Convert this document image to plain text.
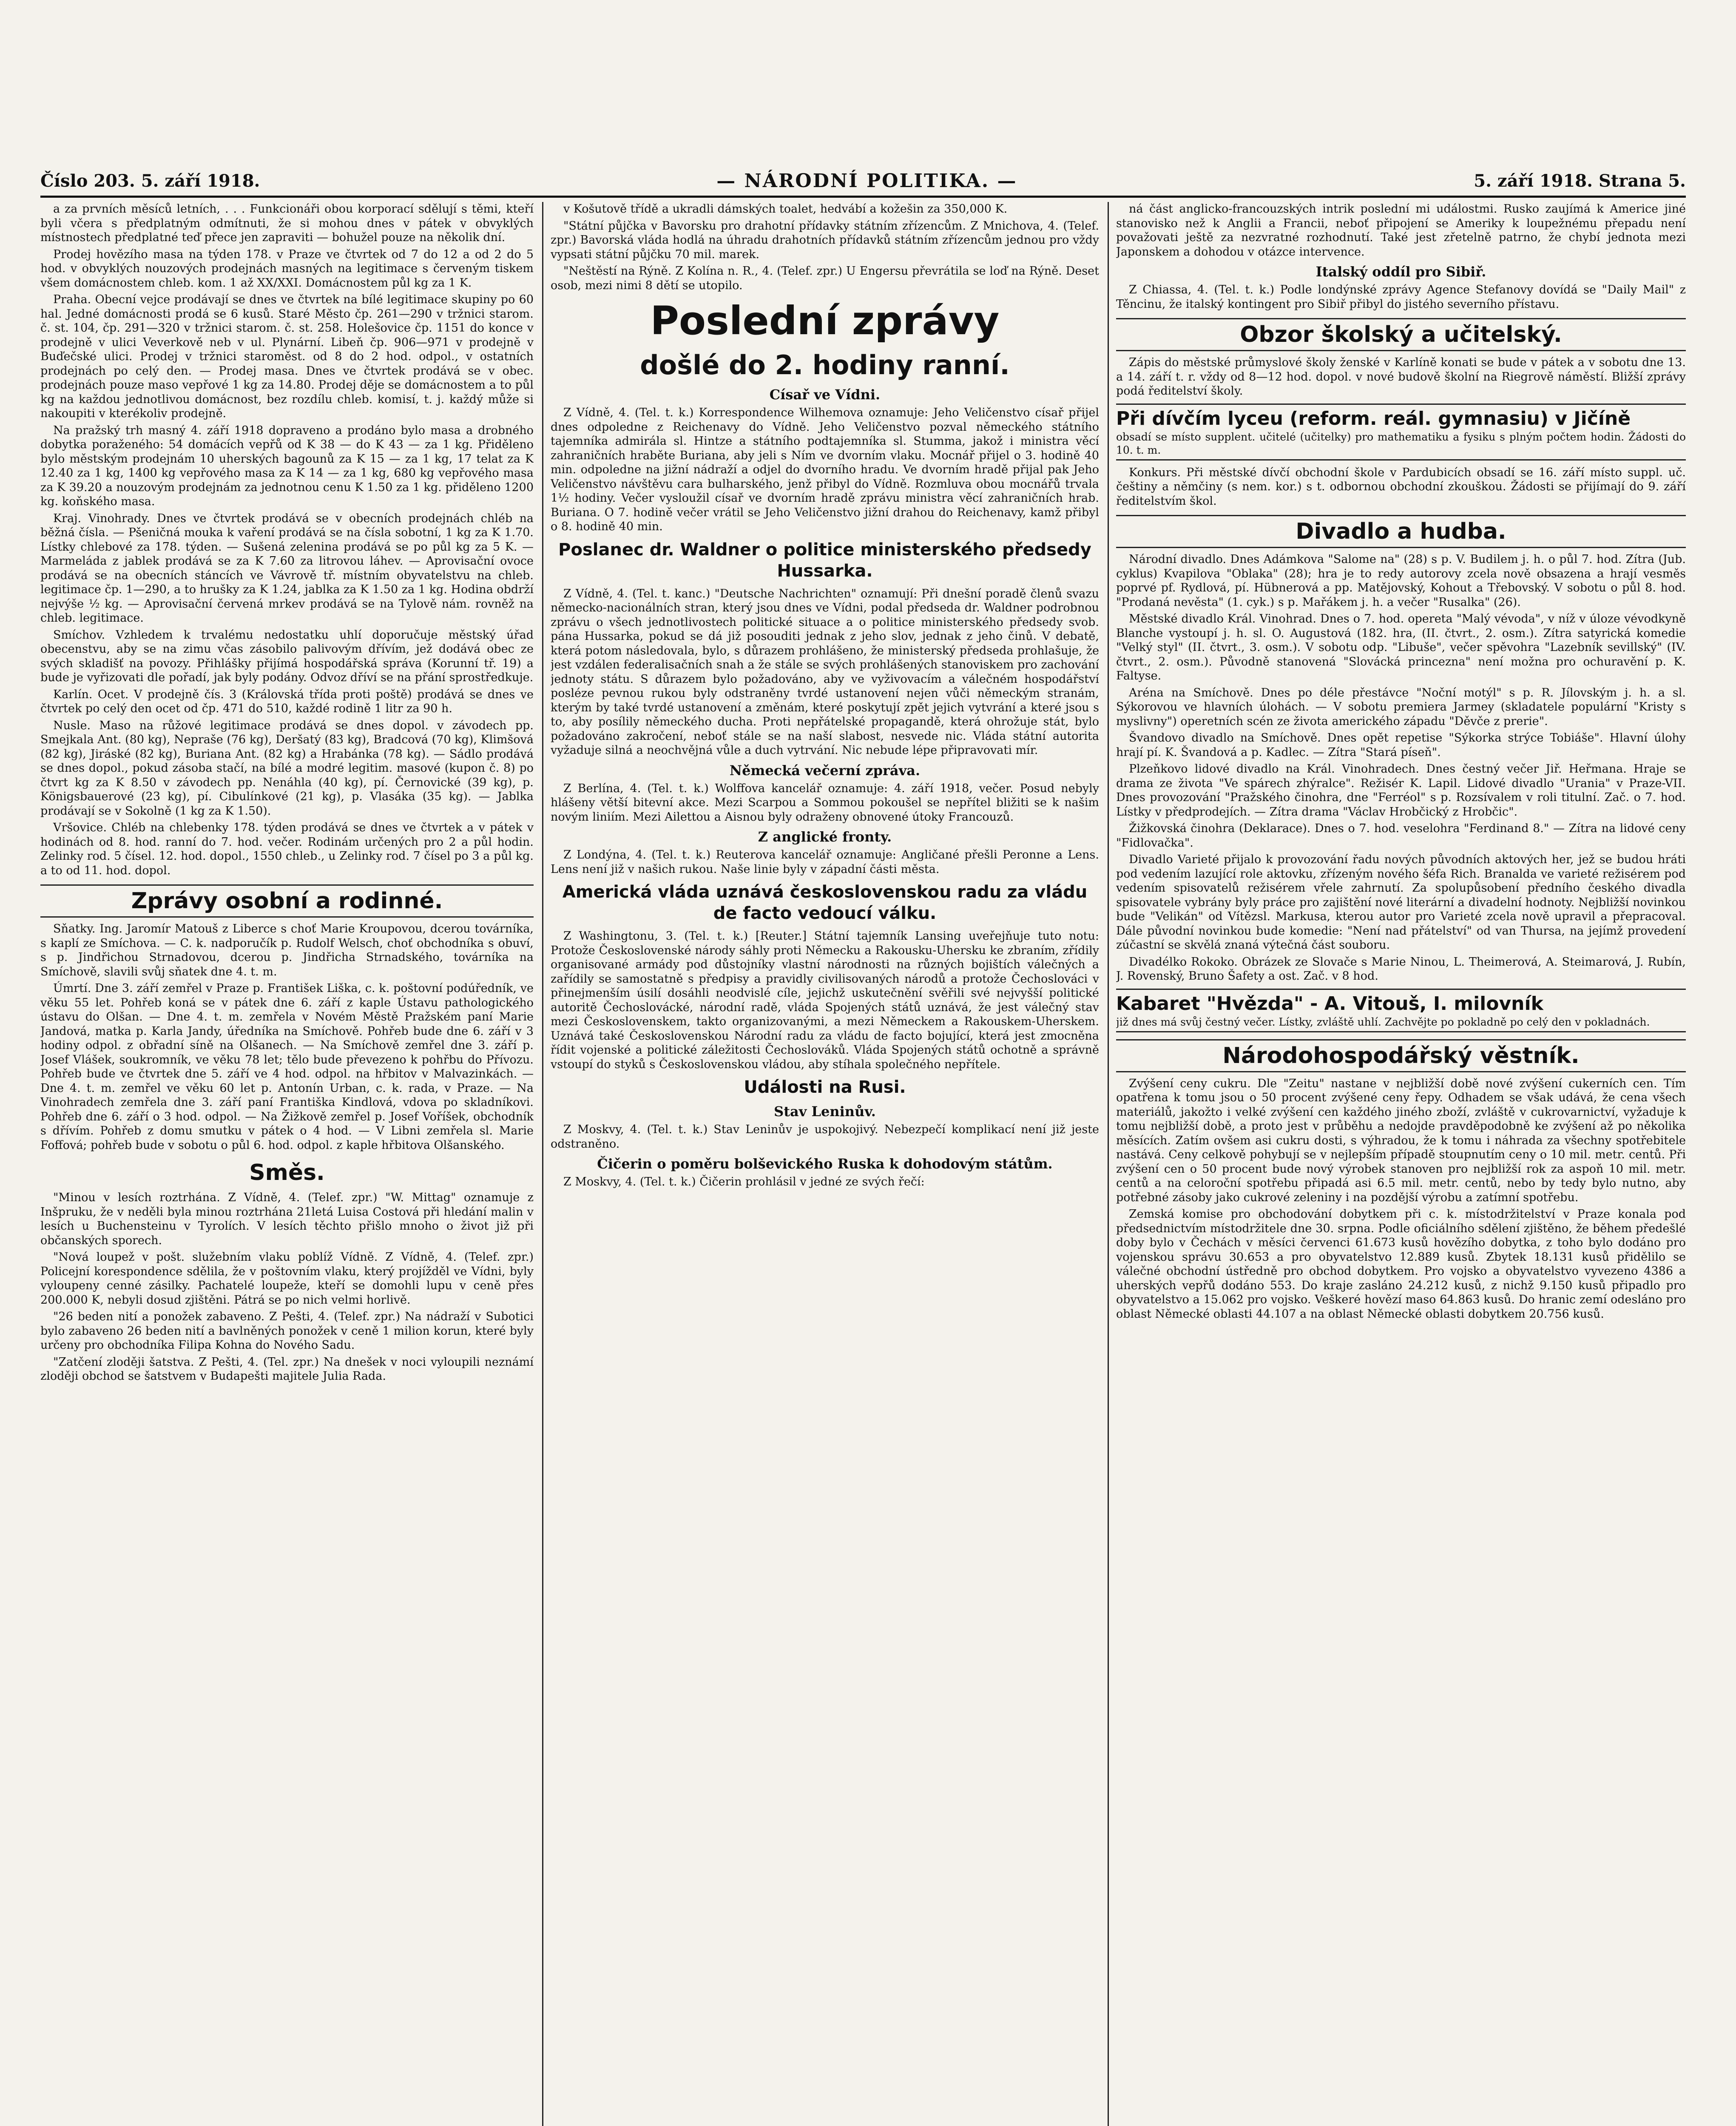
Číslo 203. 5. září 1918.	— NÁRODNÍ POLITIKA. —	5. září 1918. Strana 5.

a za prvních měsíců letních, . . . Funkcionáři obou korporací sdělují s těmi, kteří byli včera s předplatným odmítnuti, že si mohou dnes v pátek v obvyklých místnostech předplatné teď přece jen zapraviti — bohužel pouze na několik dní.

Prodej hovězího masa na týden 178. v Praze ve čtvrtek od 7 do 12 a od 2 do 5 hod. v obvyklých nouzových prodejnách masných na legitimace s červeným tiskem všem domácnostem chleb. kom. 1 až XX/XXI. Domácnostem půl kg za 1 K.

Praha. Obecní vejce prodávají se dnes ve čtvrtek na bílé legitimace skupiny po 60 hal. Jedné domácnosti prodá se 6 kusů. Staré Město čp. 261—290 v tržnici starom. č. st. 104, čp. 291—320 v tržnici starom. č. st. 258. Holešovice čp. 1151 do konce v prodejně v ulici Veverkově neb v ul. Plynární. Libeň čp. 906—971 v prodejně v Buďečské ulici. Prodej v tržnici staroměst. od 8 do 2 hod. odpol., v ostatních prodejnách po celý den. — Prodej masa. Dnes ve čtvrtek prodává se v obec. prodejnách pouze maso vepřové 1 kg za 14.80. Prodej děje se domácnostem a to půl kg na každou jednotlivou domácnost, bez rozdílu chleb. komisí, t. j. každý může si nakoupiti v kterékoliv prodejně.

Na pražský trh masný 4. září 1918 dopraveno a prodáno bylo masa a drobného dobytka poraženého: 54 domácích vepřů od K 38 — do K 43 — za 1 kg. Přiděleno bylo městským prodejnám 10 uherských bagounů za K 15 — za 1 kg, 17 telat za K 12.40 za 1 kg, 1400 kg vepřového masa za K 14 — za 1 kg, 680 kg vepřového masa za K 39.20 a nouzovým prodejnám za jednotnou cenu K 1.50 za 1 kg. přiděleno 1200 kg. koňského masa.

Kraj. Vinohrady. Dnes ve čtvrtek prodává se v obecních prodejnách chléb na běžná čísla. — Pšeničná mouka k vaření prodává se na čísla sobotní, 1 kg za K 1.70. Lístky chlebové za 178. týden. — Sušená zelenina prodává se po půl kg za 5 K. — Marmeláda z jablek prodává se za K 7.60 za litrovou láhev. — Aprovisační ovoce prodává se na obecních stáncích ve Vávrově tř. místním obyvatelstvu na chleb. legitimace čp. 1—290, a to hrušky za K 1.24, jablka za K 1.50 za 1 kg. Hodina obdrží nejvýše ½ kg. — Aprovisační červená mrkev prodává se na Tylově nám. rovněž na chleb. legitimace.

Smíchov. Vzhledem k trvalému nedostatku uhlí doporučuje městský úřad obecenstvu, aby se na zimu včas zásobilo palivovým dřívím, jež dodává obec ze svých skladišť na povozy. Přihlášky přijímá hospodářská správa (Korunní tř. 19) a bude je vyřizovati dle pořadí, jak byly podány. Odvoz dříví se na přání sprostředkuje.

Karlín. Ocet. V prodejně čís. 3 (Královská třída proti poště) prodává se dnes ve čtvrtek po celý den ocet od čp. 471 do 510, každé rodině 1 litr za 90 h.

Nusle. Maso na růžové legitimace prodává se dnes dopol. v závodech pp. Smejkala Ant. (80 kg), Nepraše (76 kg), Deršatý (83 kg), Bradcová (70 kg), Klimšová (82 kg), Jiráské (82 kg), Buriana Ant. (82 kg) a Hrabánka (78 kg). — Sádlo prodává se dnes dopol., pokud zásoba stačí, na bílé a modré legitim. masové (kupon č. 8) po čtvrt kg za K 8.50 v závodech pp. Nenáhla (40 kg), pí. Černovické (39 kg), p. Königsbauerové (23 kg), pí. Cibulínkové (21 kg), p. Vlasáka (35 kg). — Jablka prodávají se v Sokolně (1 kg za K 1.50).

Vršovice. Chléb na chlebenky 178. týden prodává se dnes ve čtvrtek a v pátek v hodinách od 8. hod. ranní do 7. hod. večer. Rodinám určených pro 2 a půl hodin. Zelinky rod. 5 čísel. 12. hod. dopol., 1550 chleb., u Zelinky rod. 7 čísel po 3 a půl kg. a to od 11. hod. dopol.

Zprávy osobní a rodinné.

Sňatky. Ing. Jaromír Matouš z Liberce s choť Marie Kroupovou, dcerou továrníka, s kaplí ze Smíchova. — C. k. nadporučík p. Rudolf Welsch, choť obchodníka s obuví, s p. Jindřichou Strnadovou, dcerou p. Jindřicha Strnadského, továrníka na Smíchově, slavili svůj sňatek dne 4. t. m.

Úmrtí. Dne 3. září zemřel v Praze p. František Liška, c. k. poštovní podúředník, ve věku 55 let. Pohřeb koná se v pátek dne 6. září z kaple Ústavu pathologického ústavu do Olšan. — Dne 4. t. m. zemřela v Novém Městě Pražském paní Marie Jandová, matka p. Karla Jandy, úředníka na Smíchově. Pohřeb bude dne 6. září v 3 hodiny odpol. z obřadní síně na Olšanech. — Na Smíchově zemřel dne 3. září p. Josef Vlášek, soukromník, ve věku 78 let; tělo bude převezeno k pohřbu do Přívozu. Pohřeb bude ve čtvrtek dne 5. září ve 4 hod. odpol. na hřbitov v Malvazinkách. — Dne 4. t. m. zemřel ve věku 60 let p. Antonín Urban, c. k. rada, v Praze. — Na Vinohradech zemřela dne 3. září paní Františka Kindlová, vdova po skladníkovi. Pohřeb dne 6. září o 3 hod. odpol. — Na Žižkově zemřel p. Josef Voříšek, obchodník s dřívím. Pohřeb z domu smutku v pátek o 4 hod. — V Libni zemřela sl. Marie Foffová; pohřeb bude v sobotu o půl 6. hod. odpol. z kaple hřbitova Olšanského.

Směs.

"Minou v lesích roztrhána. Z Vídně, 4. (Telef. zpr.) "W. Mittag" oznamuje z Inšpruku, že v neděli byla minou roztrhána 21letá Luisa Costová při hledání malin v lesích u Buchensteinu v Tyrolích. V lesích těchto přišlo mnoho o život již při občanských sporech.

"Nová loupež v pošt. služebním vlaku poblíž Vídně. Z Vídně, 4. (Telef. zpr.) Policejní korespondence sdělila, že v poštovním vlaku, který projížděl ve Vídni, byly vyloupeny cenné zásilky. Pachatelé loupeže, kteří se domohli lupu v ceně přes 200.000 K, nebyli dosud zjištěni. Pátrá se po nich velmi horlivě.

"26 beden nití a ponožek zabaveno. Z Pešti, 4. (Telef. zpr.) Na nádraží v Subotici bylo zabaveno 26 beden nití a bavlněných ponožek v ceně 1 milion korun, které byly určeny pro obchodníka Filipa Kohna do Nového Sadu.

"Zatčení zloději šatstva. Z Pešti, 4. (Tel. zpr.) Na dnešek v noci vyloupili neznámí zloději obchod se šatstvem v Budapešti majitele Julia Rada.

v Košutově třídě a ukradli dámských toalet, hedvábí a kožešin za 350,000 K.

"Státní půjčka v Bavorsku pro drahotní přídavky státním zřízencům. Z Mnichova, 4. (Telef. zpr.) Bavorská vláda hodlá na úhradu drahotních přídavků státním zřízencům jednou pro vždy vypsati státní půjčku 70 mil. marek.

"Neštěstí na Rýně. Z Kolína n. R., 4. (Telef. zpr.) U Engersu převrátila se loď na Rýně. Deset osob, mezi nimi 8 dětí se utopilo.

Poslední zprávy
došlé do 2. hodiny ranní.
Císař ve Vídni.

Z Vídně, 4. (Tel. t. k.) Korrespondence Wilhemova oznamuje: Jeho Veličenstvo císař přijel dnes odpoledne z Reichenavy do Vídně. Jeho Veličenstvo pozval německého státního tajemníka admirála sl. Hintze a státního podtajemníka sl. Stumma, jakož i ministra věcí zahraničních hraběte Buriana, aby jeli s Ním ve dvorním vlaku. Mocnář přijel o 3. hodině 40 min. odpoledne na jižní nádraží a odjel do dvorního hradu. Ve dvorním hradě přijal pak Jeho Veličenstvo návštěvu cara bulharského, jenž přibyl do Vídně. Rozmluva obou mocnářů trvala 1½ hodiny. Večer vysloužil císař ve dvorním hradě zprávu ministra věcí zahraničních hrab. Buriana. O 7. hodině večer vrátil se Jeho Veličenstvo jižní drahou do Reichenavy, kamž přibyl o 8. hodině 40 min.

Poslanec dr. Waldner o politice ministerského předsedy Hussarka.

Z Vídně, 4. (Tel. t. kanc.) "Deutsche Nachrichten" oznamují: Při dnešní poradě členů svazu německo-nacionálních stran, který jsou dnes ve Vídni, podal předseda dr. Waldner podrobnou zprávu o všech jednotlivostech politické situace a o politice ministerského předsedy svob. pána Hussarka, pokud se dá již posouditi jednak z jeho slov, jednak z jeho činů. V debatě, která potom následovala, bylo, s důrazem prohlášeno, že ministerský předseda prohlašuje, že jest vzdálen federalisačních snah a že stále se svých prohlášených stanoviskem pro zachování jednoty státu. S důrazem bylo požadováno, aby ve vyživovacím a válečném hospodářství posléze pevnou rukou byly odstraněny tvrdé ustanovení nejen vůči německým stranám, kterým by také tvrdé ustanovení a změnám, které poskytují zpět jejich vytvrání a které jsou s to, aby posílily německého ducha. Proti nepřátelské propagandě, která ohrožuje stát, bylo požadováno zakročení, neboť stále se na naší slabost, nesvede nic. Vláda státní autorita vyžaduje silná a neochvějná vůle a duch vytrvání. Nic nebude lépe připravovati mír.

Německá večerní zpráva.

Z Berlína, 4. (Tel. t. k.) Wolffova kancelář oznamuje: 4. září 1918, večer. Posud nebyly hlášeny větší bitevní akce. Mezi Scarpou a Sommou pokoušel se nepřítel bližiti se k našim novým liniím. Mezi Ailettou a Aisnou byly odraženy obnovené útoky Francouzů.

Z anglické fronty.

Z Londýna, 4. (Tel. t. k.) Reuterova kancelář oznamuje: Angličané přešli Peronne a Lens. Lens není již v našich rukou. Naše linie byly v západní části města.

Americká vláda uznává československou radu za vládu de facto vedoucí válku.

Z Washingtonu, 3. (Tel. t. k.) [Reuter.] Státní tajemník Lansing uveřejňuje tuto notu: Protože Československé národy sáhly proti Německu a Rakousku-Uhersku ke zbraním, zřídily organisované armády pod důstojníky vlastní národnosti na různých bojištích válečných a zařídily se samostatně s předpisy a pravidly civilisovaných národů a protože Čechoslováci v přinejmenším úsilí dosáhli neodvislé cíle, jejichž uskutečnění svěřili své nejvyšší politické autoritě Čechoslovácké, národní radě, vláda Spojených států uznává, že jest válečný stav mezi Československem, takto organizovanými, a mezi Německem a Rakouskem-Uherskem. Uznává také Československou Národní radu za vládu de facto bojující, která jest zmocněna řídit vojenské a politické záležitosti Čechoslováků. Vláda Spojených států ochotně a správně vstoupí do styků s Československou vládou, aby stíhala společného nepřítele.

Události na Rusi.
Stav Leninův.

Z Moskvy, 4. (Tel. t. k.) Stav Leninův je uspokojivý. Nebezpečí komplikací není již jeste odstraněno.

Čičerin o poměru bolševického Ruska k dohodovým státům.

Z Moskvy, 4. (Tel. t. k.) Čičerin prohlásil v jedné ze svých řečí:

ná část anglicko-francouzských intrik poslední mi událostmi. Rusko zaujímá k Americe jiné stanovisko než k Anglii a Francii, neboť připojení se Ameriky k loupežnému přepadu není považovati ještě za nezvratné rozhodnutí. Také jest zřetelně patrno, že chybí jednota mezi Japonskem a dohodou v otázce intervence.

Italský oddíl pro Sibiř.

Z Chiassa, 4. (Tel. t. k.) Podle londýnské zprávy Agence Stefanovy dovídá se "Daily Mail" z Těncinu, že italský kontingent pro Sibiř přibyl do jistého severního přístavu.

Obzor školský a učitelský.

Zápis do městské průmyslové školy ženské v Karlíně konati se bude v pátek a v sobotu dne 13. a 14. září t. r. vždy od 8—12 hod. dopol. v nové budově školní na Riegrově náměstí. Bližší zprávy podá ředitelství školy.

Při dívčím lyceu (reform. reál. gymnasiu) v Jičíně
obsadí se místo supplent. učitelé (učitelky) pro mathematiku a fysiku s plným počtem hodin. Žádosti do 10. t. m.

Konkurs. Při městské dívčí obchodní škole v Pardubicích obsadí se 16. září místo suppl. uč. češtiny a němčiny (s nem. kor.) s t. odbornou obchodní zkouškou. Žádosti se přijímají do 9. září ředitelstvím škol.

Divadlo a hudba.

Národní divadlo. Dnes Adámkova "Salome na" (28) s p. V. Budilem j. h. o půl 7. hod. Zítra (Jub. cyklus) Kvapilova "Oblaka" (28); hra je to redy autorovy zcela nově obsazena a hrají vesměs poprvé pf. Rydlová, pí. Hübnerová a pp. Matějovský, Kohout a Třebovský. V sobotu o půl 8. hod. "Prodaná nevěsta" (1. cyk.) s p. Mařákem j. h. a večer "Rusalka" (26).

Městské divadlo Král. Vinohrad. Dnes o 7. hod. opereta "Malý vévoda", v níž v úloze vévodkyně Blanche vystoupí j. h. sl. O. Augustová (182. hra, (II. čtvrt., 2. osm.). Zítra satyrická komedie "Velký styl" (II. čtvrt., 3. osm.). V sobotu odp. "Libuše", večer spěvohra "Lazebník sevillský" (IV. čtvrt., 2. osm.). Původně stanovená "Slovácká princezna" není možna pro ochuravění p. K. Faltyse.

Aréna na Smíchově. Dnes po déle přestávce "Noční motýl" s p. R. Jílovským j. h. a sl. Sýkorovou ve hlavních úlohách. — V sobotu premiera Jarmey (skladatele populární "Kristy s myslivny") operetních scén ze života amerického západu "Děvče z prerie".

Švandovo divadlo na Smíchově. Dnes opět repetise "Sýkorka strýce Tobiáše". Hlavní úlohy hrají pí. K. Švandová a p. Kadlec. — Zítra "Stará píseň".

Plzeňkovo lidové divadlo na Král. Vinohradech. Dnes čestný večer Jiř. Heřmana. Hraje se drama ze života "Ve spárech zhýralce". Režisér K. Lapil. Lidové divadlo "Urania" v Praze-VII. Dnes provozování "Pražského činohra, dne "Ferréol" s p. Rozsívalem v roli titulní. Zač. o 7. hod. Lístky v předprodejích. — Zítra drama "Václav Hrobčický z Hrobčic".

Žižkovská činohra (Deklarace). Dnes o 7. hod. veselohra "Ferdinand 8." — Zítra na lidové ceny "Fidlovačka".

Divadlo Varieté přijalo k provozování řadu nových původních aktových her, jež se budou hráti pod vedením lazující role aktovku, zřízeným nového šéfa Rich. Branalda ve varieté režisérem pod vedením spisovatelů režisérem vřele zahrnutí. Za spolupůsobení předního českého divadla spisovatele vybrány byly práce pro zajištění nové literární a divadelní hodnoty. Nejbližší novinkou bude "Velikán" od Vítězsl. Markusa, kterou autor pro Varieté zcela nově upravil a přepracoval. Dále původní novinkou bude komedie: "Není nad přátelství" od van Thursa, na jejímž provedení zúčastní se skvělá znaná výtečná část souboru.

Divadélko Rokoko. Obrázek ze Slovače s Marie Ninou, L. Theimerová, A. Steimarová, J. Rubín, J. Rovenský, Bruno Šafety a ost. Zač. v 8 hod.

Kabaret "Hvězda" - A. Vitouš, I. milovník
již dnes má svůj čestný večer. Lístky, zvláště uhlí. Zachvějte po pokladně po celý den v pokladnách.
Národohospodářský věstník.

Zvýšení ceny cukru. Dle "Zeitu" nastane v nejbližší době nové zvýšení cukerních cen. Tím opatřena k tomu jsou o 50 procent zvýšené ceny řepy. Odhadem se však udává, že cena všech materiálů, jakožto i velké zvýšení cen každého jiného zboží, zvláště v cukrovarnictví, vyžaduje k tomu nejbližší době, a proto jest v průběhu a nedojde pravděpodobně ke zvýšení až po několika měsících. Zatím ovšem asi cukru dosti, s výhradou, že k tomu i náhrada za všechny spotřebitele nastává. Ceny celkově pohybují se v nejlepším případě stoupnutím ceny o 10 mil. metr. centů. Při zvýšení cen o 50 procent bude nový výrobek stanoven pro nejbližší rok za aspoň 10 mil. metr. centů a na celoroční spotřebu připadá asi 6.5 mil. metr. centů, nebo by tedy bylo nutno, aby potřebné zásoby jako cukrové zeleniny i na pozdější výrobu a zatímní spotřebu.

Zemská komise pro obchodování dobytkem při c. k. místodržitelství v Praze konala pod předsednictvím místodržitele dne 30. srpna. Podle oficiálního sdělení zjištěno, že během předešlé doby bylo v Čechách v měsíci červenci 61.673 kusů hovězího dobytka, z toho bylo dodáno pro vojenskou správu 30.653 a pro obyvatelstvo 12.889 kusů. Zbytek 18.131 kusů přidělilo se válečné obchodní ústředně pro obchod dobytkem. Pro vojsko a obyvatelstvo vyvezeno 4386 a uherských vepřů dodáno 553. Do kraje zasláno 24.212 kusů, z nichž 9.150 kusů připadlo pro obyvatelstvo a 15.062 pro vojsko. Veškeré hovězí maso 64.863 kusů. Do hranic zemí odesláno pro oblast Německé oblasti 44.107 a na oblast Německé oblasti dobytkem 20.756 kusů.
